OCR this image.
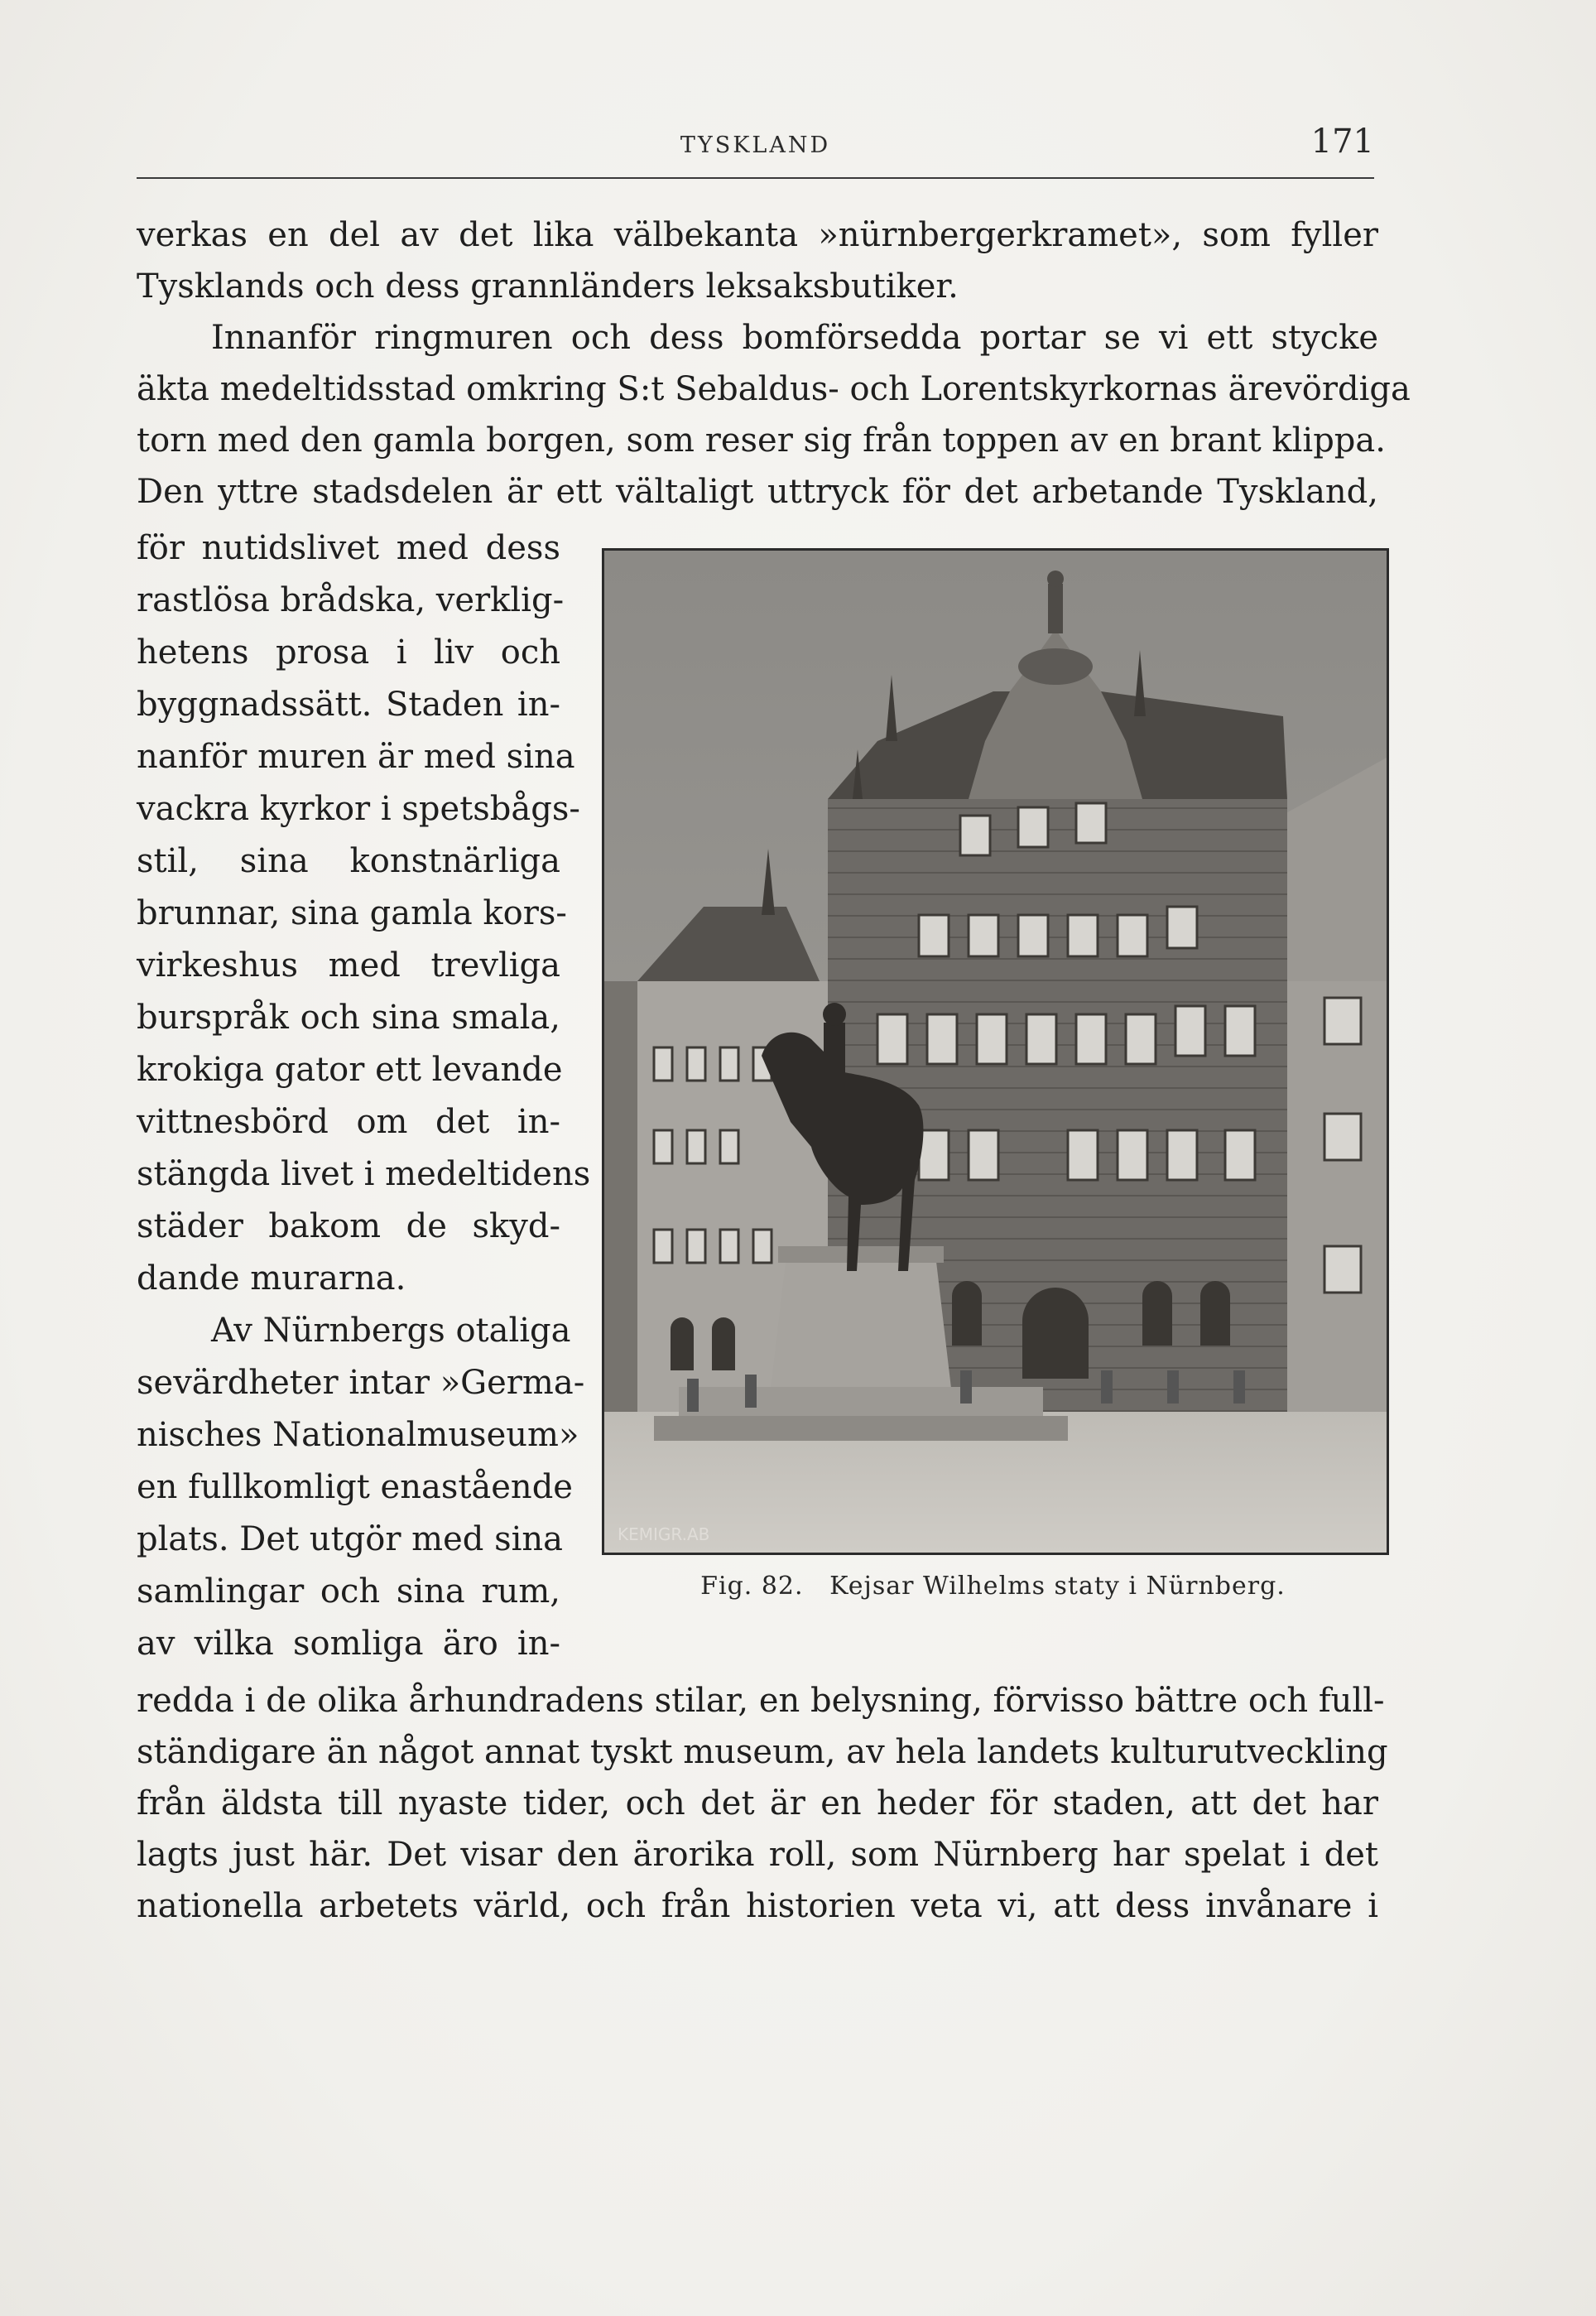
TYSKLAND	171
verkas en del av det lika välbekanta »nürnbergerkramet», som fyller
Tysklands och dess grannländers leksaksbutiker.
Innanför ringmuren och dess bomförsedda portar se vi ett stycke
äkta medeltidsstad omkring S:t Sebaldus- och Lorentskyrkornas ärevördiga
torn med den gamla borgen, som reser sig från toppen av en brant klippa.
Den yttre stadsdelen är ett vältaligt uttryck för det arbetande Tyskland,
för nutidslivet med dess
rastlösa brådska, verklig-
hetens prosa i liv och
byggnadssätt. Staden in-
nanför muren är med sina
vackra kyrkor i spetsbågs-
stil, sina konstnärliga
brunnar, sina gamla kors-
virkeshus med trevliga
burspråk och sina smala,
krokiga gator ett levande
vittnesbörd om det in-
stängda livet i medeltidens
städer bakom de skyd-
dande murarna.
Av Nürnbergs otaliga
sevärdheter intar »Germa-
nisches Nationalmuseum»
en fullkomligt enastående
plats. Det utgör med sina
samlingar och sina rum,
av vilka somliga äro in-
redda i de olika århundradens stilar, en belysning, förvisso bättre och full-
ständigare än något annat tyskt museum, av hela landets kulturutveckling
från äldsta till nyaste tider, och det är en heder för staden, att det har
lagts just här. Det visar den ärorika roll, som Nürnberg har spelat i det
nationella arbetets värld, och från historien veta vi, att dess invånare i
KEMIGR.AB
Fig. 82. Kejsar Wilhelms staty i Nürnberg.
